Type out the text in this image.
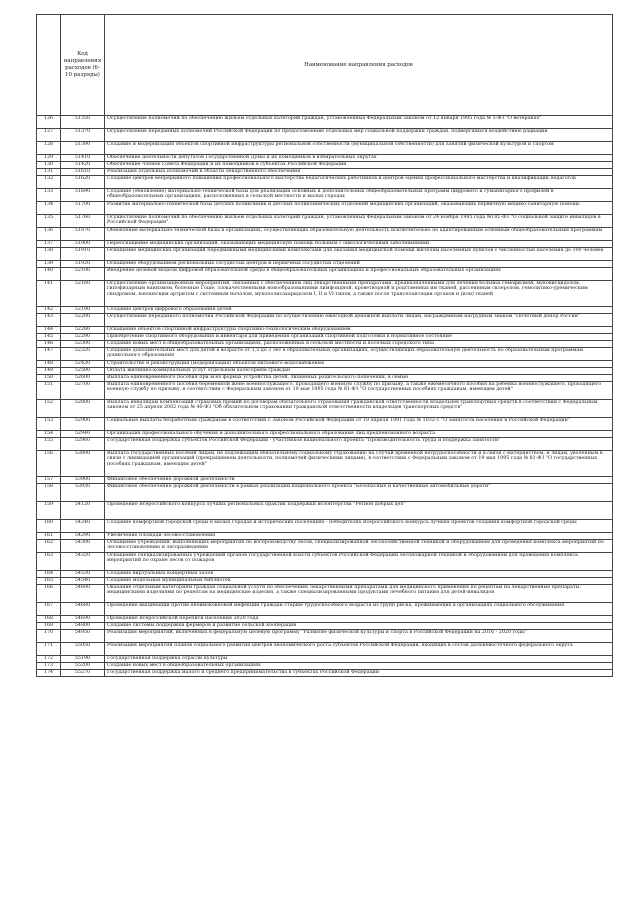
	Код направления расходов (6-10 разряды)	Наименование направления расходов
126	51350	Осуществление полномочий по обеспечению жильем отдельных категорий граждан, установленных Федеральным законом от 12 января 1995 года № 5-ФЗ "О ветеранах"
127	51370	Осуществление переданных полномочий Российской Федерации по предоставлению отдельных мер социальной поддержки граждан, подвергшихся воздействию радиации
128	51390	Создание и модернизация объектов спортивной инфраструктуры региональной собственности (муниципальной собственности) для занятий физической культурой и спортом
129	51410	Обеспечение деятельности депутатов Государственной Думы и их помощников в избирательных округах
130	51420	Обеспечение членов Совета Федерации и их помощников в субъектах Российской Федерации
131	51610	Реализация отдельных полномочий в области лекарственного обеспечения
132	51620	Создание центров непрерывного повышения профессионального мастерства педагогических работников и центров оценки профессионального мастерства и квалификации педагогов
133	51690	Создание (обновление) материально-технической базы для реализации основных и дополнительных общеобразовательных программ цифрового и гуманитарного профилей в общеобразовательных организациях, расположенных в сельской местности и малых городах
134	51700	Развитие материально-технической базы детских поликлиник и детских поликлинических отделений медицинских организаций, оказывающих первичную медико-санитарную помощь
135	51760	Осуществление полномочий по обеспечению жильем отдельных категорий граждан, установленных Федеральным законом от 24 ноября 1995 года №181-ФЗ "О социальной защите инвалидов в Российской Федерации"
136	51870	Обновление материально-технической базы в организациях, осуществляющих образовательную деятельность исключительно по адаптированным основным общеобразовательным программам
137	51900	Переоснащение медицинских организаций, оказывающих медицинскую помощь больным с онкологическими заболеваниями
138	51910	Оснащение медицинских организаций передвижными медицинскими комплексами для оказания медицинской помощи жителям населенных пунктов с численностью населения до 100 человек
139	51920	Оснащение оборудованием региональных сосудистых центров и первичных сосудистых отделений
140	52100	Внедрение целевой модели цифровой образовательной среды в общеобразовательных организациях и профессиональных образовательных организациях
141	52160	Осуществление организационных мероприятий, связанных с обеспечением лиц лекарственными препаратами, предназначенными для лечения больных гемофилией, муковисцидозом, гипофизарным нанизмом, болезнью Гоше, злокачественными новообразованиями лимфоидной, кроветворной и родственных им тканей, рассеянным склерозом, гемолитико-уремическим синдромом, юношеским артритом с системным началом, мукополисахаридозом I, II и VI типов, а также после трансплантации органов и (или) тканей
142	52190	Создание центров цифрового образования детей
143	52200	Осуществление переданного полномочия Российской Федерации по осуществлению ежегодной денежной выплаты лицам, награжденным нагрудным знаком "Почетный донор России"
144	52280	Оснащение объектов спортивной инфраструктуры спортивно-технологическим оборудованием
145	52290	Приобретение спортивного оборудования и инвентаря для приведения организаций спортивной подготовки в нормативное состояние
146	52300	Создание новых мест в общеобразовательных организациях, расположенных в сельской местности и поселках городского типа
147	52320	Создание дополнительных мест для детей в возрасте от 1,5 до 3 лет в образовательных организациях, осуществляющих образовательную деятельность по образовательным программам дошкольного образования
148	52430	Строительство и реконструкция (модернизация) объектов питьевого водоснабжения
149	52500	Оплата жилищно-коммунальных услуг отдельным категориям граждан
150	52600	Выплата единовременного пособия при всех формах устройства детей, лишенных родительского попечения, в семью
151	52700	Выплата единовременного пособия беременной жене военнослужащего, проходящего военную службу по призыву, а также ежемесячного пособия на ребенка военнослужащего, проходящего военную службу по призыву, в соответствии с Федеральным законом от 19 мая 1995 года № 81-ФЗ "О государственных пособиях гражданам, имеющим детей"
152	52800	Выплата инвалидам компенсаций страховых премий по договорам обязательного страхования гражданской ответственности владельцев транспортных средств в соответствии с Федеральным законом от 25 апреля 2002 года № 40-ФЗ "Об обязательном страховании гражданской ответственности владельцев транспортных средств"
153	52900	Социальные выплаты безработным гражданам в соответствии с Законом Российской Федерации от 19 апреля 1991 года № 1032-1 "О занятости населения в Российской Федерации"
154	52940	Организация профессионального обучения и дополнительного профессионального образования лиц предпенсионного возраста
155	52960	Государственная поддержка субъектов Российской Федерации - участников национального проекта "Производительность труда и поддержка занятости"
156	53800	Выплата государственных пособий лицам, не подлежащим обязательному социальному страхованию на случай временной нетрудоспособности и в связи с материнством, и лицам, уволенным в связи с ликвидацией организаций (прекращением деятельности, полномочий физическими лицами), в соответствии с Федеральным законом от 19 мая 1995 года № 81-ФЗ "О государственных пособиях гражданам, имеющим детей"
157	53900	Финансовое обеспечение дорожной деятельности
158	53930	Финансовое обеспечение дорожной деятельности в рамках реализации национального проекта "Безопасные и качественные автомобильные дороги"
159	54120	Проведение Всероссийского конкурса лучших региональных практик поддержки волонтерства "Регион добрых дел"
160	54240	Создание комфортной городской среды в малых городах и исторических поселениях - победителях Всероссийского конкурса лучших проектов создания комфортной городской среды
161	54290	Увеличение площади лесовосстановления
162	54300	Оснащение учреждений, выполняющих мероприятия по воспроизводству лесов, специализированной лесохозяйственной техникой и оборудованием для проведения комплекса мероприятий по лесовосстановлению и лесоразведению
163	54320	Оснащение специализированных учреждений органов государственной власти субъектов Российской Федерации лесопожарной техникой и оборудованием для проведения комплекса мероприятий по охране лесов от пожаров
164	54530	Создание виртуальных концертных залов
165	54540	Создание модельных муниципальных библиотек
166	54600	Оказание отдельным категориям граждан социальной услуги по обеспечению лекарственными препаратами для медицинского применения по рецептам на лекарственные препараты, медицинскими изделиями по рецептам на медицинские изделия, а также специализированными продуктами лечебного питания для детей-инвалидов
167	54680	Проведение вакцинации против пневмококковой инфекции граждан старше трудоспособного возраста из групп риска, проживающих в организациях социального обслуживания
168	54690	Проведение Всероссийской переписи населения 2020 года
169	54800	Создание системы поддержки фермеров и развитие сельской кооперации
170	54950	Реализация мероприятий, включенных в федеральную целевую программу "Развитие физической культуры и спорта в Российской Федерации на 2016 - 2020 годы"
171	55050	Реализация мероприятий планов социального развития центров экономического роста субъектов Российской Федерации, входящих в состав Дальневосточного федерального округа
172	55190	Государственная поддержка отрасли культуры
173	55200	Создание новых мест в общеобразовательных организациях
174	55270	Государственная поддержка малого и среднего предпринимательства в субъектах Российской Федерации
